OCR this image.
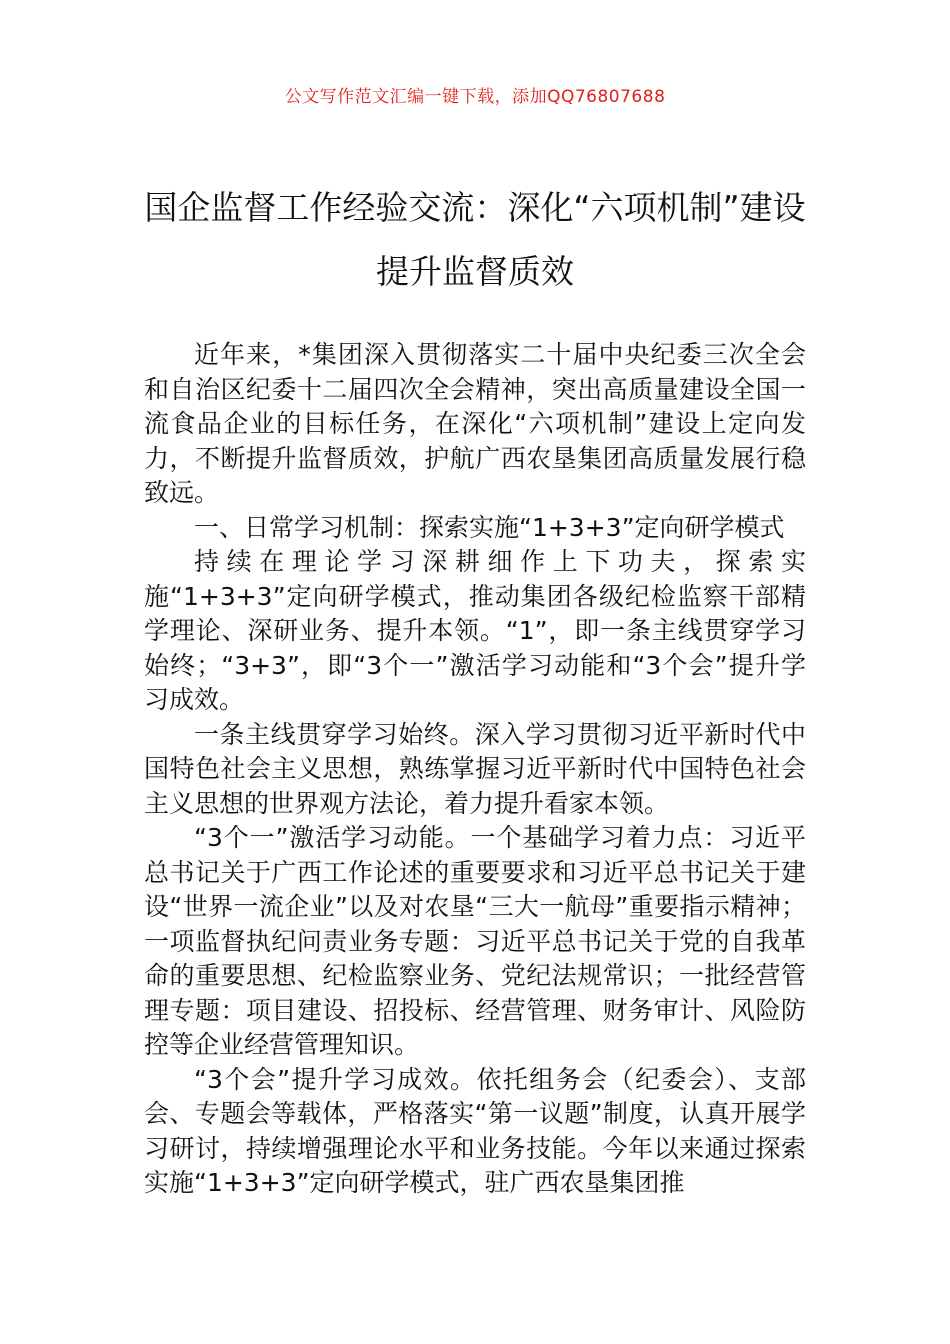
公文写作范文汇编一键下载，添加QQ76807688
国企监督工作经验交流：深化“六项机制”建设 提升监督质效

近年来，*集团深入贯彻落实二十届中央纪委三次全会和自治区纪委十二届四次全会精神，突出高质量建设全国一流食品企业的目标任务，在深化“六项机制”建设上定向发力，不断提升监督质效，护航广西农垦集团高质量发展行稳致远。

一、日常学习机制：探索实施“1+3+3”定向研学模式

持续在理论学习深耕细作上下功夫，探索实施“1+3+3”定向研学模式，推动集团各级纪检监察干部精学理论、深研业务、提升本领。“1”，即一条主线贯穿学习始终；“3+3”，即“3个一”激活学习动能和“3个会”提升学习成效。

一条主线贯穿学习始终。深入学习贯彻习近平新时代中国特色社会主义思想，熟练掌握习近平新时代中国特色社会主义思想的世界观方法论，着力提升看家本领。

“3个一”激活学习动能。一个基础学习着力点：习近平总书记关于广西工作论述的重要要求和习近平总书记关于建设“世界一流企业”以及对农垦“三大一航母”重要指示精神；一项监督执纪问责业务专题：习近平总书记关于党的自我革命的重要思想、纪检监察业务、党纪法规常识；一批经营管理专题：项目建设、招投标、经营管理、财务审计、风险防控等企业经营管理知识。

“3个会”提升学习成效。依托组务会（纪委会）、支部会、专题会等载体，严格落实“第一议题”制度，认真开展学习研讨，持续增强理论水平和业务技能。今年以来通过探索实施“1+3+3”定向研学模式，驻广西农垦集团推
